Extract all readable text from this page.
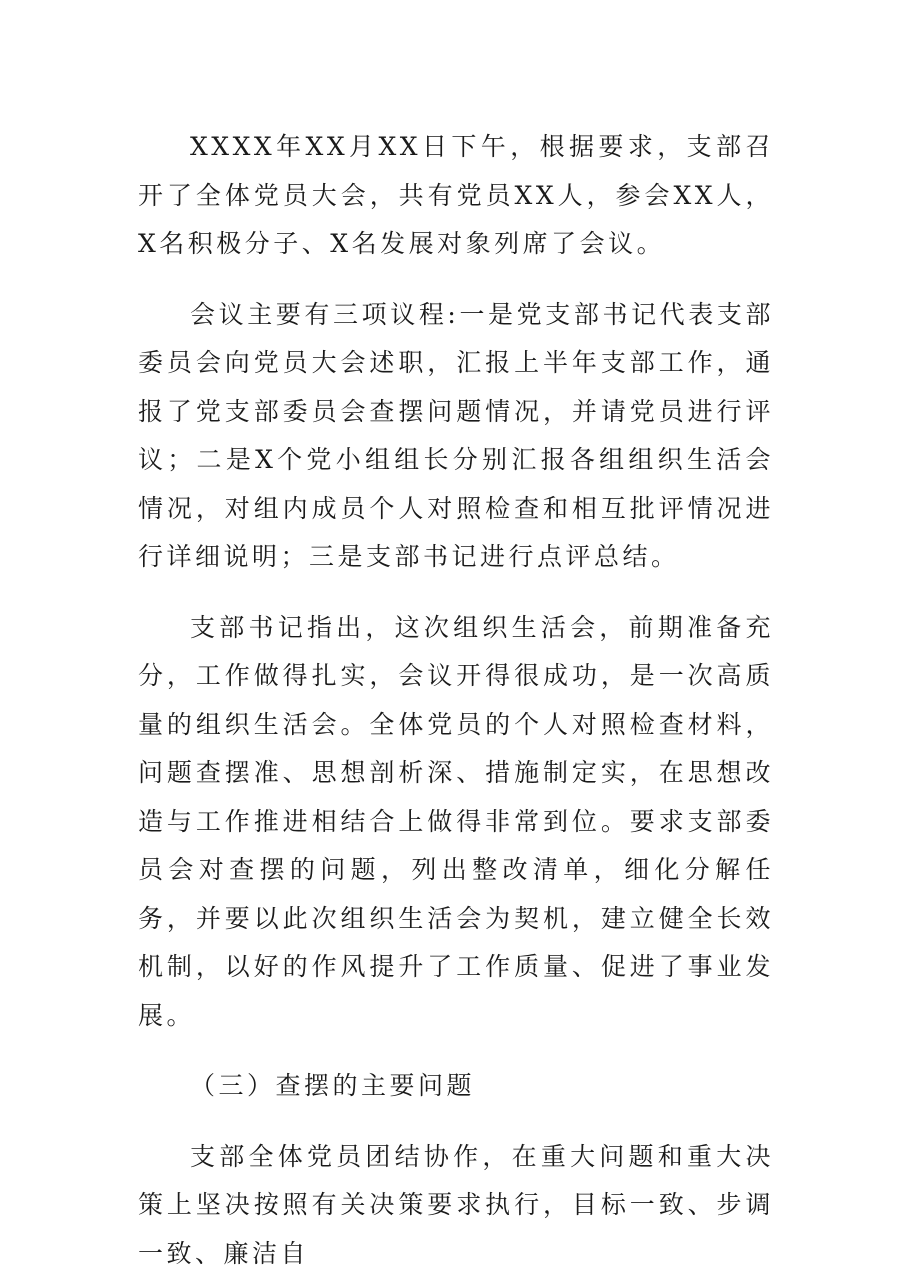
XXXX年XX月XX日下午，根据要求，支部召开了全体党员大会，共有党员XX人，参会XX人，X名积极分子、X名发展对象列席了会议。

会议主要有三项议程:一是党支部书记代表支部委员会向党员大会述职，汇报上半年支部工作，通报了党支部委员会查摆问题情况，并请党员进行评议；二是X个党小组组长分别汇报各组组织生活会情况，对组内成员个人对照检查和相互批评情况进行详细说明；三是支部书记进行点评总结。

支部书记指出，这次组织生活会，前期准备充分，工作做得扎实，会议开得很成功，是一次高质量的组织生活会。全体党员的个人对照检查材料，问题查摆准、思想剖析深、措施制定实，在思想改造与工作推进相结合上做得非常到位。要求支部委员会对查摆的问题，列出整改清单，细化分解任务，并要以此次组织生活会为契机，建立健全长效机制，以好的作风提升了工作质量、促进了事业发展。

（三）查摆的主要问题

支部全体党员团结协作，在重大问题和重大决策上坚决按照有关决策要求执行，目标一致、步调一致、廉洁自
